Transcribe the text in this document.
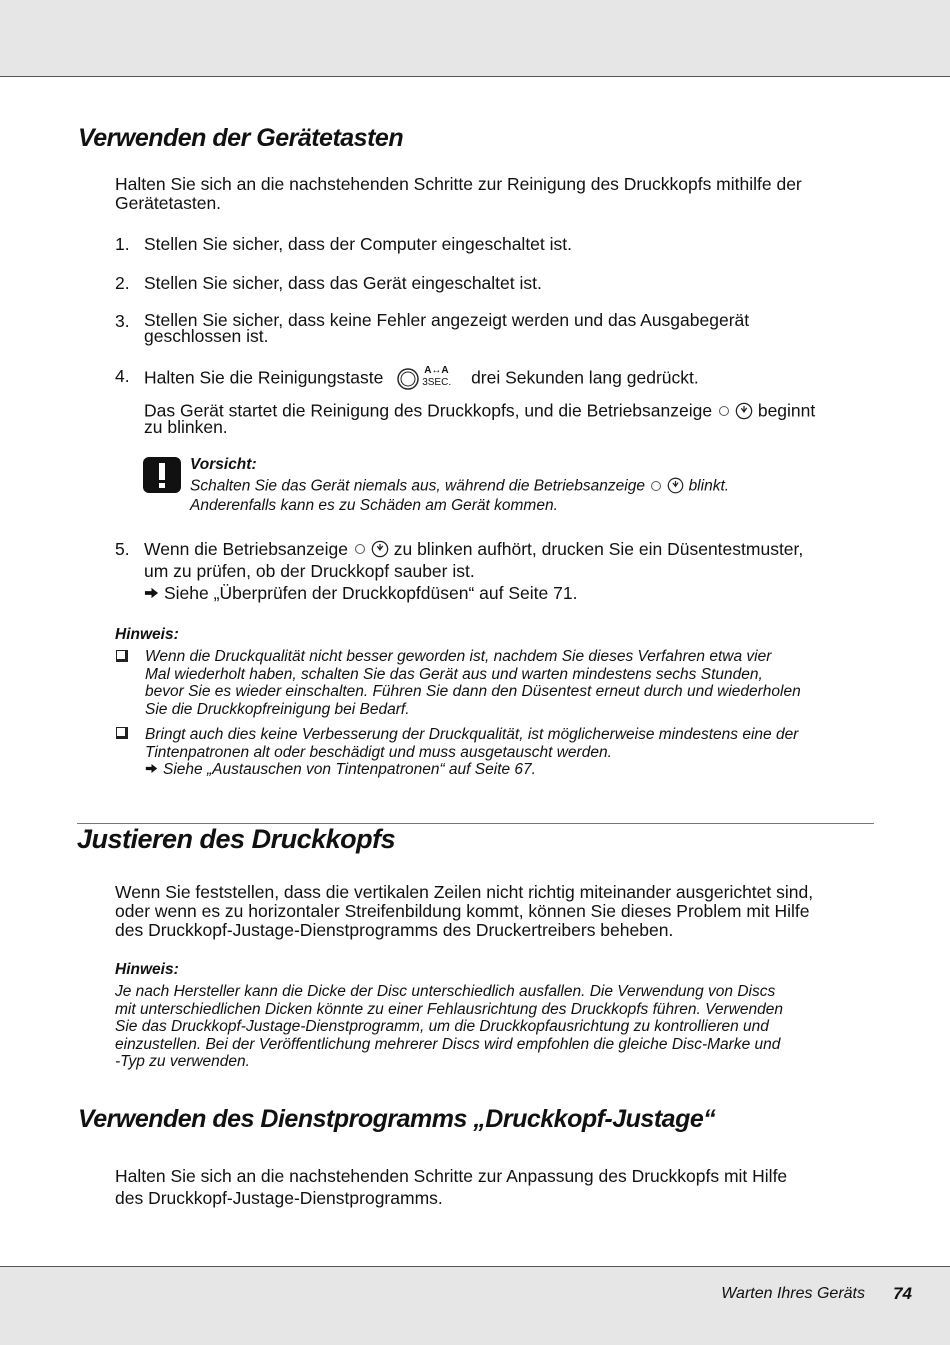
Verwenden der Gerätetasten
Halten Sie sich an die nachstehenden Schritte zur Reinigung des Druckkopfs mithilfe der Gerätetasten.
1. Stellen Sie sicher, dass der Computer eingeschaltet ist.
2. Stellen Sie sicher, dass das Gerät eingeschaltet ist.
3. Stellen Sie sicher, dass keine Fehler angezeigt werden und das Ausgabegerät geschlossen ist.
4. Halten Sie die Reinigungstaste	A↔A
3SEC. drei Sekunden lang gedrückt.
Das Gerät startet die Reinigung des Druckkopfs, und die Betriebsanzeige	beginnt
zu blinken.
Vorsicht:
Schalten Sie das Gerät niemals aus, während die Betriebsanzeige	blinkt.
Anderenfalls kann es zu Schäden am Gerät kommen.
5. Wenn die Betriebsanzeige	zu blinken aufhört, drucken Sie ein Düsentestmuster,
um zu prüfen, ob der Druckkopf sauber ist.
Siehe „Überprüfen der Druckkopfdüsen“ auf Seite 71.
Hinweis:
Wenn die Druckqualität nicht besser geworden ist, nachdem Sie dieses Verfahren etwa vier
Mal wiederholt haben, schalten Sie das Gerät aus und warten mindestens sechs Stunden,
bevor Sie es wieder einschalten. Führen Sie dann den Düsentest erneut durch und wiederholen
Sie die Druckkopfreinigung bei Bedarf.
Bringt auch dies keine Verbesserung der Druckqualität, ist möglicherweise mindestens eine der
Tintenpatronen alt oder beschädigt und muss ausgetauscht werden.
Siehe „Austauschen von Tintenpatronen“ auf Seite 67.
Justieren des Druckkopfs
Wenn Sie feststellen, dass die vertikalen Zeilen nicht richtig miteinander ausgerichtet sind,
oder wenn es zu horizontaler Streifenbildung kommt, können Sie dieses Problem mit Hilfe
des Druckkopf-Justage-Dienstprogramms des Druckertreibers beheben.
Hinweis:
Je nach Hersteller kann die Dicke der Disc unterschiedlich ausfallen. Die Verwendung von Discs
mit unterschiedlichen Dicken könnte zu einer Fehlausrichtung des Druckkopfs führen. Verwenden
Sie das Druckkopf-Justage-Dienstprogramm, um die Druckkopfausrichtung zu kontrollieren und
einzustellen. Bei der Veröffentlichung mehrerer Discs wird empfohlen die gleiche Disc-Marke und
-Typ zu verwenden.
Verwenden des Dienstprogramms „Druckkopf-Justage“
Halten Sie sich an die nachstehenden Schritte zur Anpassung des Druckkopfs mit Hilfe
des Druckkopf-Justage-Dienstprogramms.
Warten Ihres Geräts	74
